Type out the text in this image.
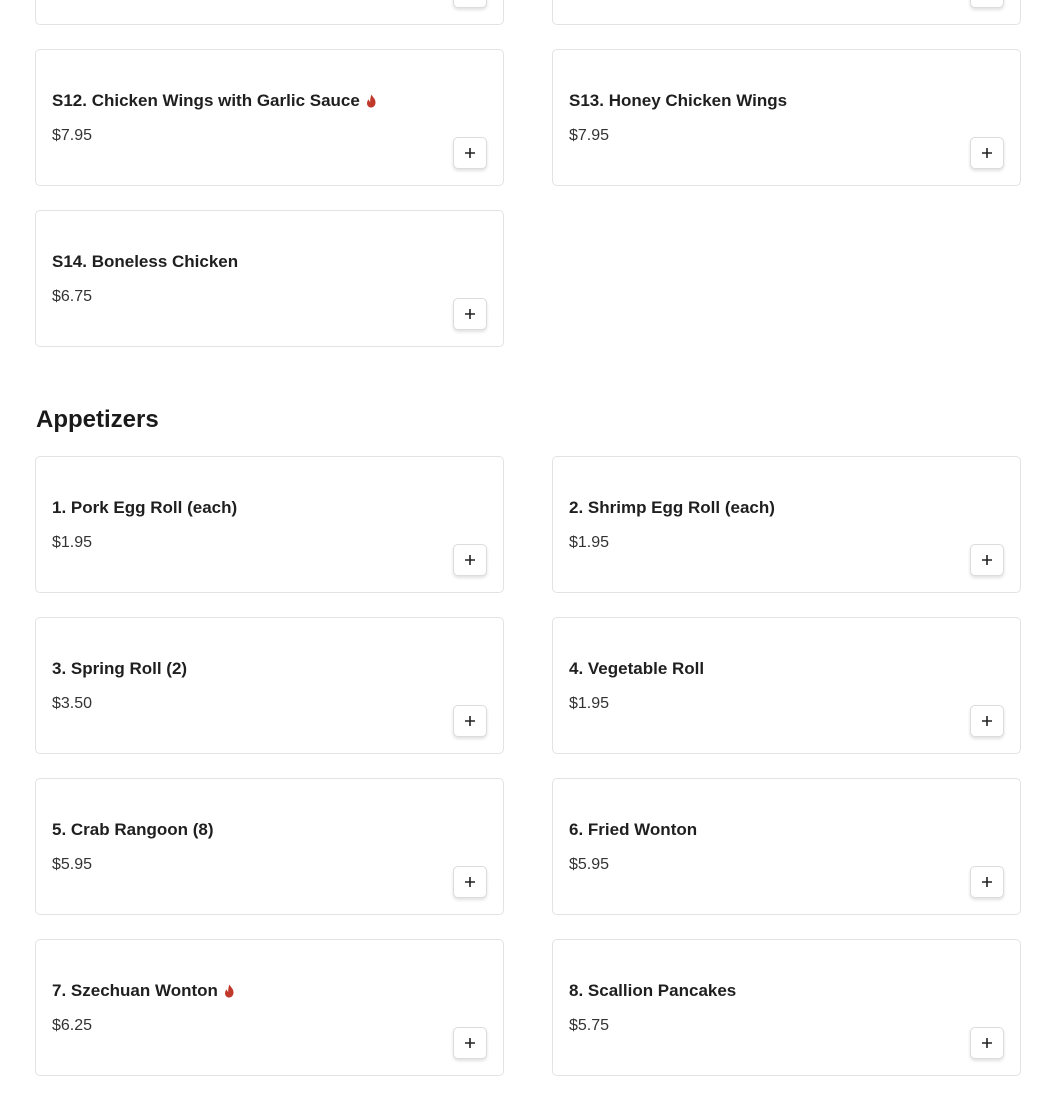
S12. Chicken Wings with Garlic Sauce
$7.95
S13. Honey Chicken Wings
$7.95
S14. Boneless Chicken
$6.75
Appetizers
1. Pork Egg Roll (each)
$1.95
2. Shrimp Egg Roll (each)
$1.95
3. Spring Roll (2)
$3.50
4. Vegetable Roll
$1.95
5. Crab Rangoon (8)
$5.95
6. Fried Wonton
$5.95
7. Szechuan Wonton
$6.25
8. Scallion Pancakes
$5.75
